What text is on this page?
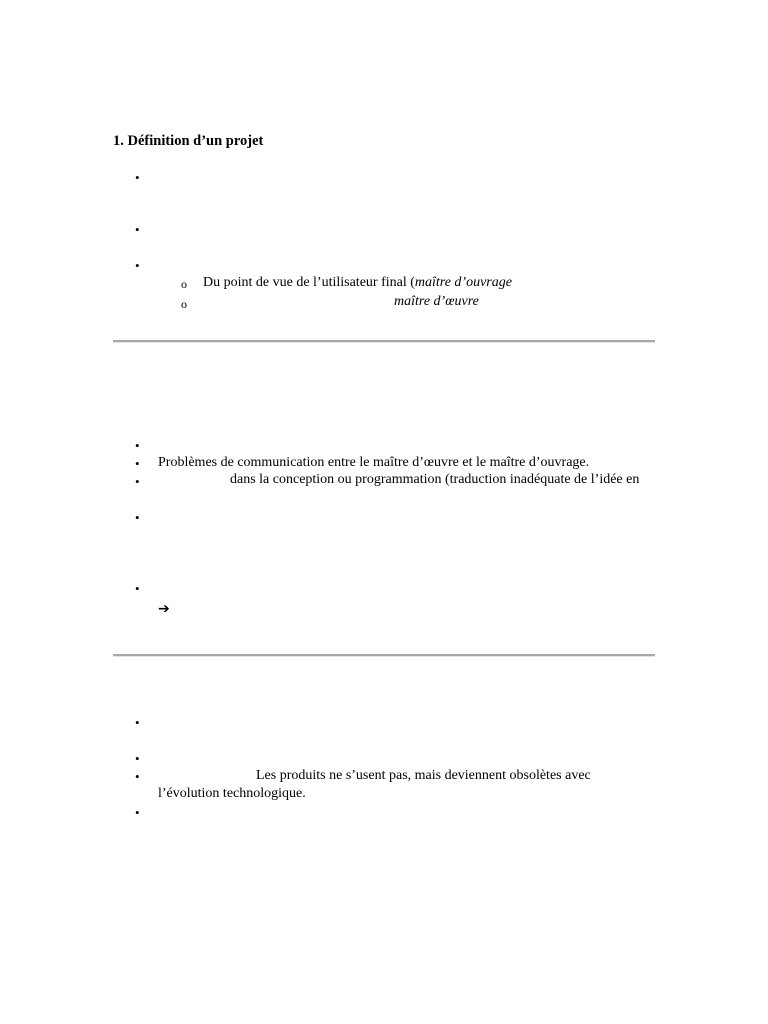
1. Définition d’un projet
•
•
•
o Du point de vue de l’utilisateur final (maître d’ouvrage
o	maître d’œuvre
•
• Problèmes de communication entre le maître d’œuvre et le maître d’ouvrage.
•	dans la conception ou programmation (traduction inadéquate de l’idée en
•
•
➔
•
•
•	Les produits ne s’usent pas, mais deviennent obsolètes avec
l’évolution technologique.
•
